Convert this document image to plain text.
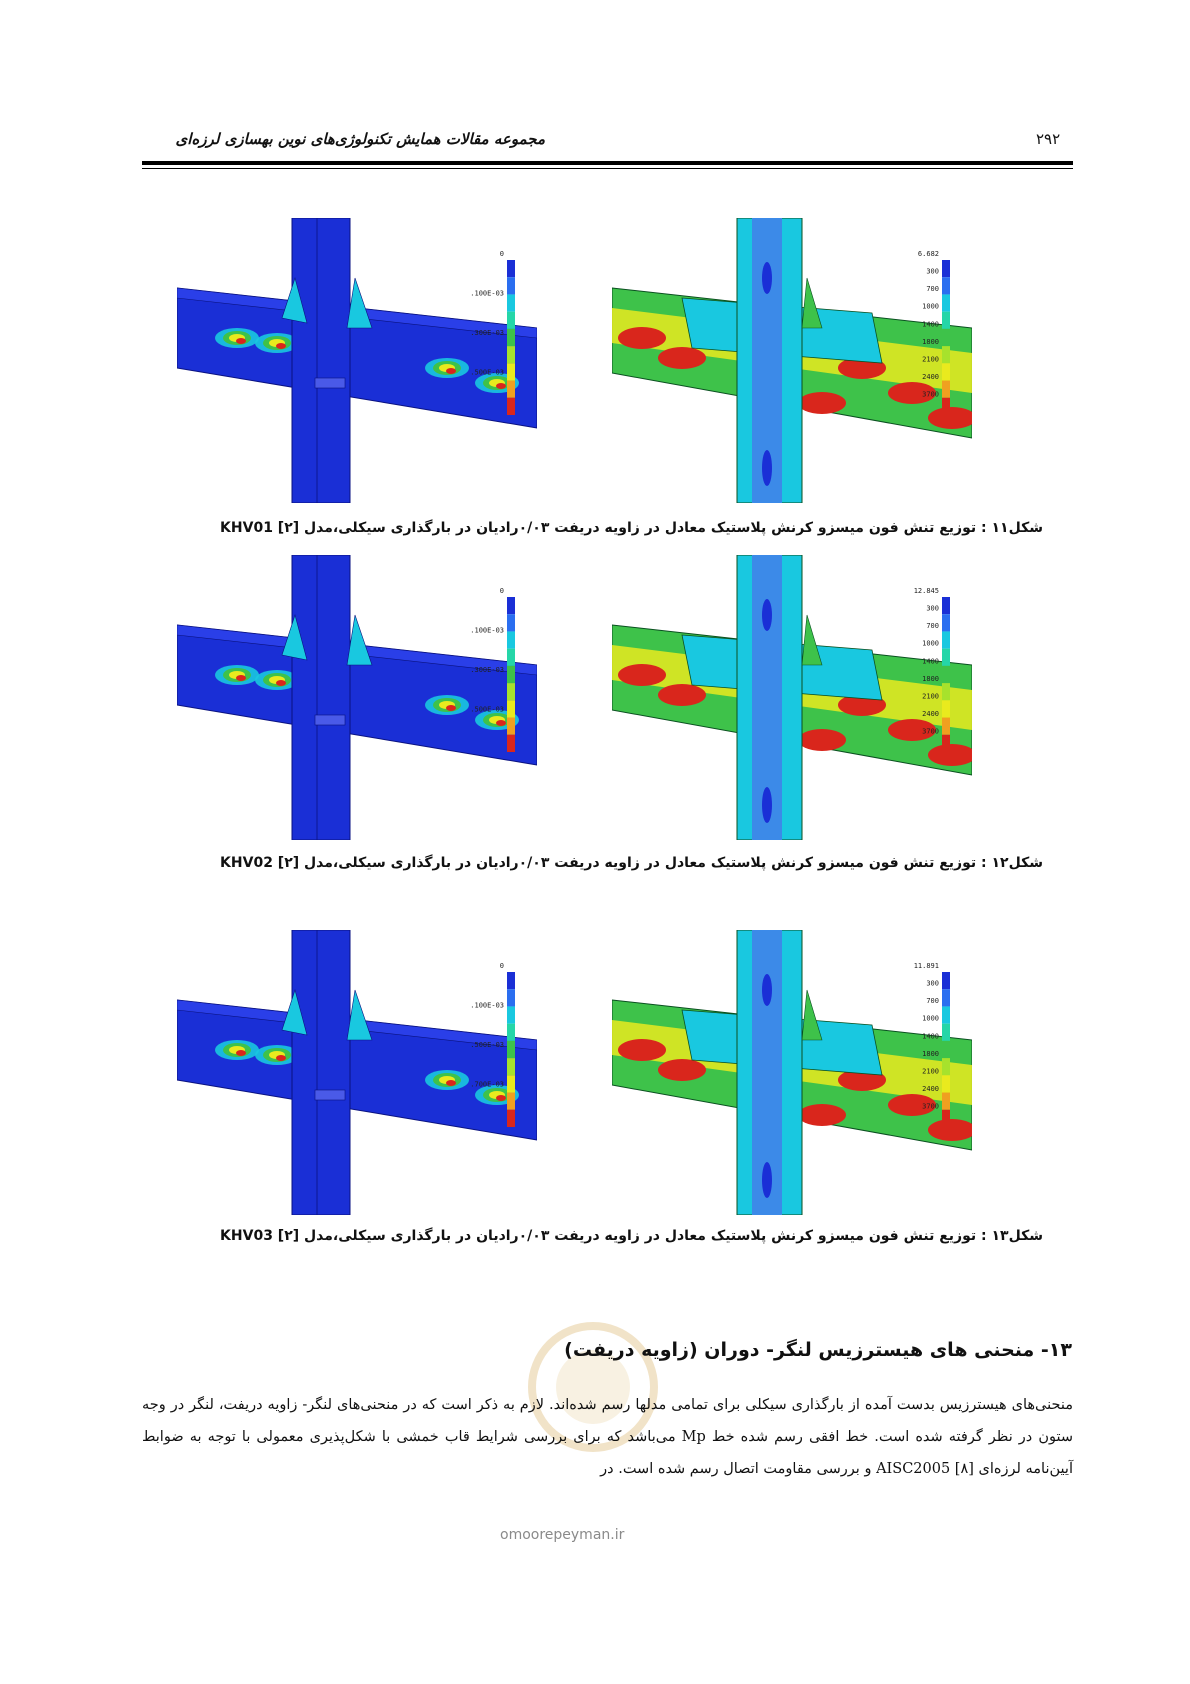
مجموعه مقالات همایش تکنولوژی‌های نوین بهسازی لرزه‌ای	۲۹۲
0
.100E-03
.300E-03
.500E-03
6.682
300
700
1000
1400
1800
2100
2400
3700
0
.100E-03
.300E-03
.500E-03
12.845
300
700
1000
1400
1800
2100
2400
3700
0
.100E-03
.500E-03
.700E-03
11.891
300
700
1000
1400
1800
2100
2400
3700
شکل۱۱ : توزیع تنش فون میسزو کرنش پلاستیک معادل در زاویه دریفت ۰/۰۳رادیان در بارگذاری سیکلی،مدل KHV01 [۲]
شکل۱۲ : توزیع تنش فون میسزو کرنش پلاستیک معادل در زاویه دریفت ۰/۰۳رادیان در بارگذاری سیکلی،مدل KHV02 [۲]
شکل۱۳ : توزیع تنش فون میسزو کرنش پلاستیک معادل در زاویه دریفت ۰/۰۳رادیان در بارگذاری سیکلی،مدل KHV03 [۲]
۱۳- منحنی های هیسترزیس لنگر- دوران (زاویه دریفت)
منحنی‌های هیسترزیس بدست آمده از بارگذاری سیکلی برای تمامی مدلها رسم شده‌اند. لازم به ذکر است که در منحنی‌های لنگر- زاویه دریفت، لنگر در وجه ستون در نظر گرفته شده است. خط افقی رسم شده خط Mp می‌باشد که برای بررسی شرایط قاب خمشی با شکل‌پذیری معمولی با توجه به ضوابط آیین‌نامه لرزه‌ای AISC2005 [۸] و بررسی مقاومت اتصال رسم شده است. در
omoorepeyman.ir
